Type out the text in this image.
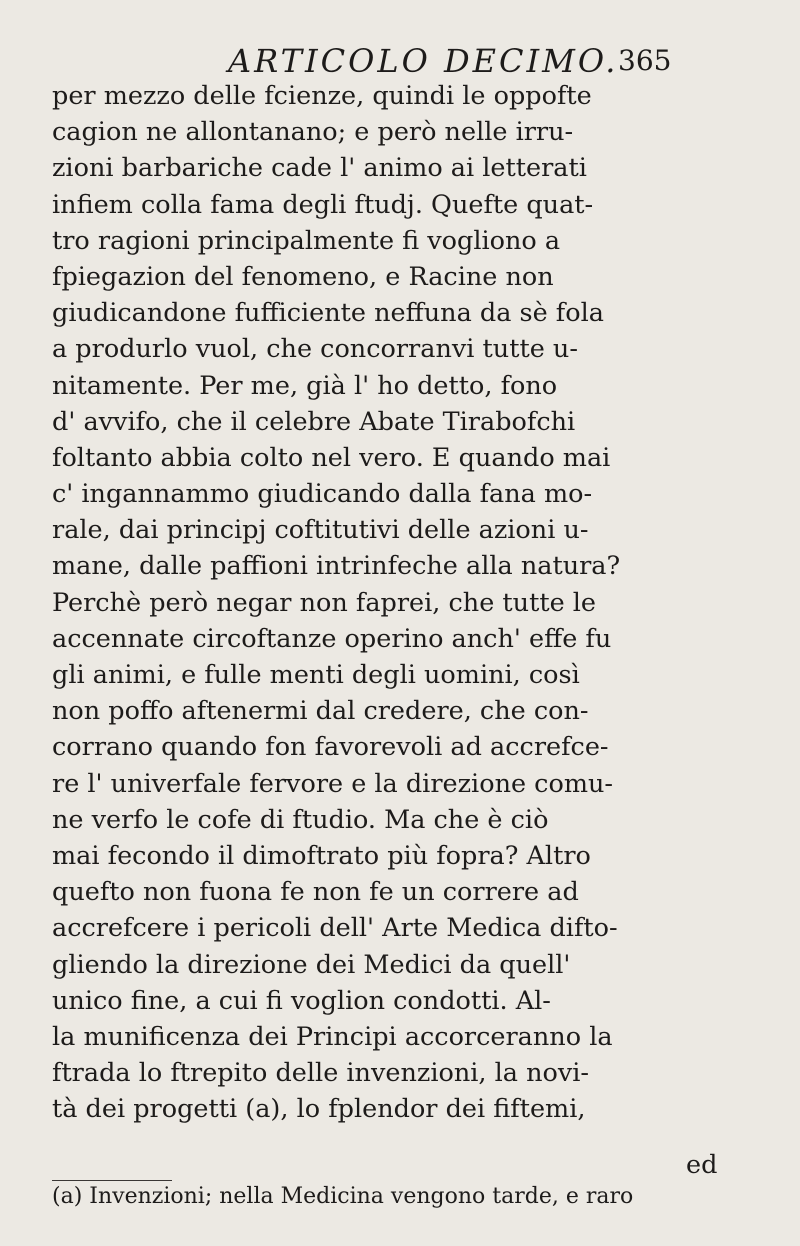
ARTICOLO DECIMO. 365
per mezzo delle fcienze, quindi le oppofte
cagion ne allontanano; e però nelle irru-
zioni barbariche cade l' animo ai letterati
infiem colla fama degli ftudj. Quefte quat-
tro ragioni principalmente fi vogliono a
fpiegazion del fenomeno, e Racine non
giudicandone fufficiente neffuna da sè fola
a produrlo vuol, che concorranvi tutte u-
nitamente. Per me, già l' ho detto, fono
d' avvifo, che il celebre Abate Tirabofchi
foltanto abbia colto nel vero. E quando mai
c' ingannammo giudicando dalla fana mo-
rale, dai principj coftitutivi delle azioni u-
mane, dalle paffioni intrinfeche alla natura?
Perchè però negar non faprei, che tutte le
accennate circoftanze operino anch' effe fu
gli animi, e fulle menti degli uomini, così
non poffo aftenermi dal credere, che con-
corrano quando fon favorevoli ad accrefce-
re l' univerfale fervore e la direzione comu-
ne verfo le cofe di ftudio. Ma che è ciò
mai fecondo il dimoftrato più fopra? Altro
quefto non fuona fe non fe un correre ad
accrefcere i pericoli dell' Arte Medica difto-
gliendo la direzione dei Medici da quell'
unico fine, a cui fi voglion condotti. Al-
la munificenza dei Principi accorceranno la
ftrada lo ftrepito delle invenzioni, la novi-
tà dei progetti (a), lo fplendor dei fiftemi,
ed
(a) Invenzioni; nella Medicina vengono tarde, e raro
